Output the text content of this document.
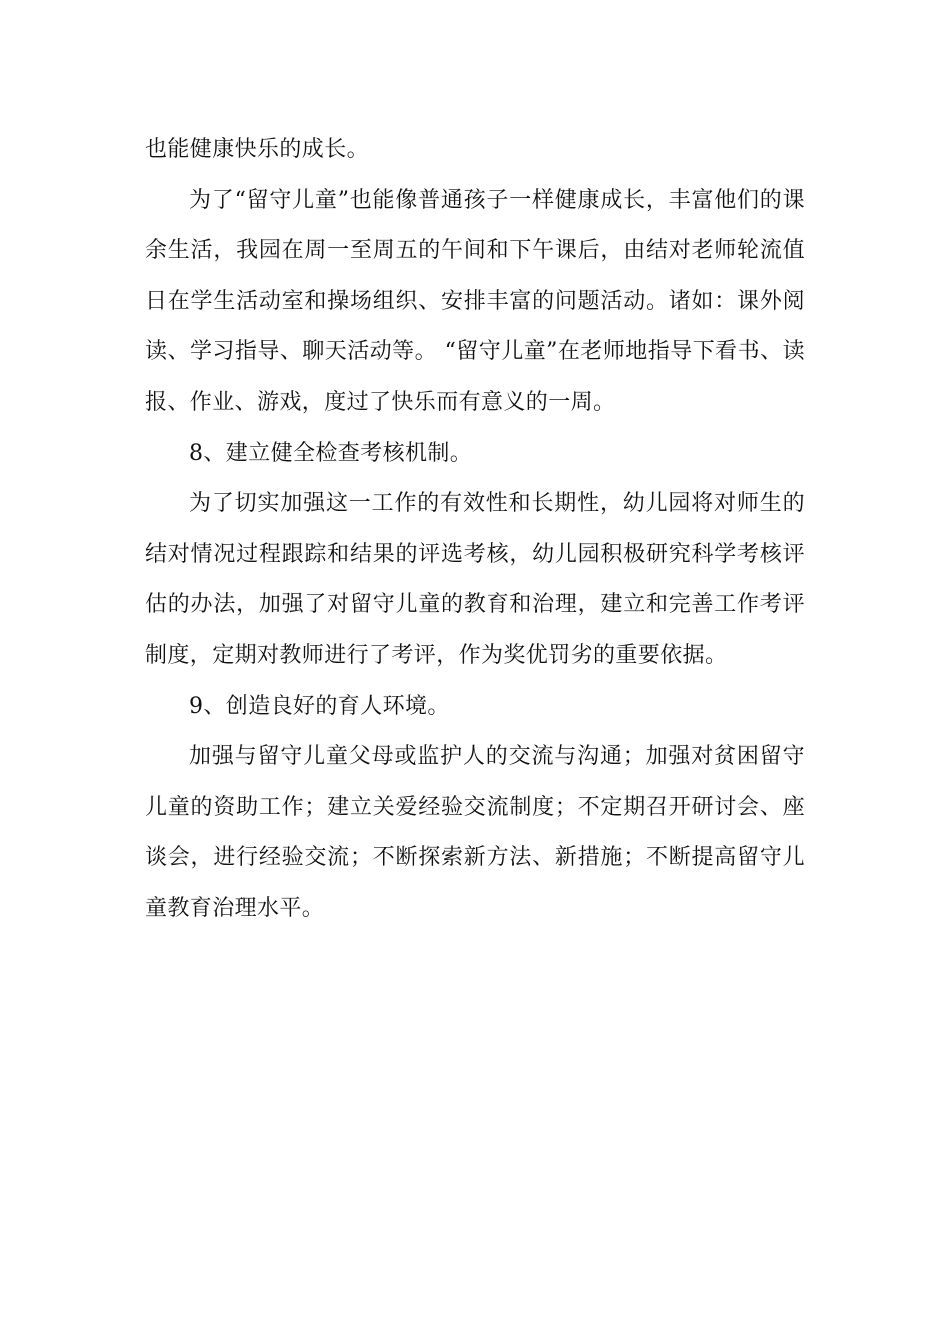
也能健康快乐的成长。

为了“留守儿童”也能像普通孩子一样健康成长，丰富他们的课余生活，我园在周一至周五的午间和下午课后，由结对老师轮流值日在学生活动室和操场组织、安排丰富的问题活动。诸如：课外阅读、学习指导、聊天活动等。 “留守儿童”在老师地指导下看书、读报、作业、游戏，度过了快乐而有意义的一周。

8、建立健全检查考核机制。

为了切实加强这一工作的有效性和长期性，幼儿园将对师生的结对情况过程跟踪和结果的评选考核，幼儿园积极研究科学考核评估的办法，加强了对留守儿童的教育和治理，建立和完善工作考评制度，定期对教师进行了考评，作为奖优罚劣的重要依据。

9、创造良好的育人环境。

加强与留守儿童父母或监护人的交流与沟通；加强对贫困留守儿童的资助工作；建立关爱经验交流制度；不定期召开研讨会、座谈会，进行经验交流；不断探索新方法、新措施；不断提高留守儿童教育治理水平。
